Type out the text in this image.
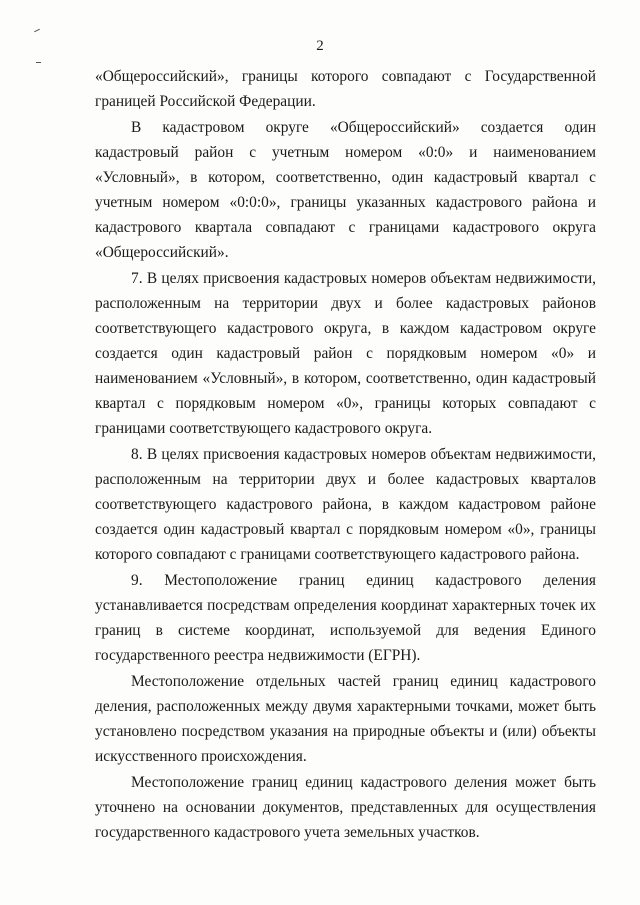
2

«Общероссийский», границы которого совпадают с Государственной границей Российской Федерации.

В кадастровом округе «Общероссийский» создается один кадастровый район с учетным номером «0:0» и наименованием «Условный», в котором, соответственно, один кадастровый квартал с учетным номером «0:0:0», границы указанных кадастрового района и кадастрового квартала совпадают с границами кадастрового округа «Общероссийский».

7. В целях присвоения кадастровых номеров объектам недвижимости, расположенным на территории двух и более кадастровых районов соответствующего кадастрового округа, в каждом кадастровом округе создается один кадастровый район с порядковым номером «0» и наименованием «Условный», в котором, соответственно, один кадастровый квартал с порядковым номером «0», границы которых совпадают с границами соответствующего кадастрового округа.

8. В целях присвоения кадастровых номеров объектам недвижимости, расположенным на территории двух и более кадастровых кварталов соответствующего кадастрового района, в каждом кадастровом районе создается один кадастровый квартал с порядковым номером «0», границы которого совпадают с границами соответствующего кадастрового района.

9. Местоположение границ единиц кадастрового деления устанавливается посредствам определения координат характерных точек их границ в системе координат, используемой для ведения Единого государственного реестра недвижимости (ЕГРН).

Местоположение отдельных частей границ единиц кадастрового деления, расположенных между двумя характерными точками, может быть установлено посредством указания на природные объекты и (или) объекты искусственного происхождения.

Местоположение границ единиц кадастрового деления может быть уточнено на основании документов, представленных для осуществления государственного кадастрового учета земельных участков.
